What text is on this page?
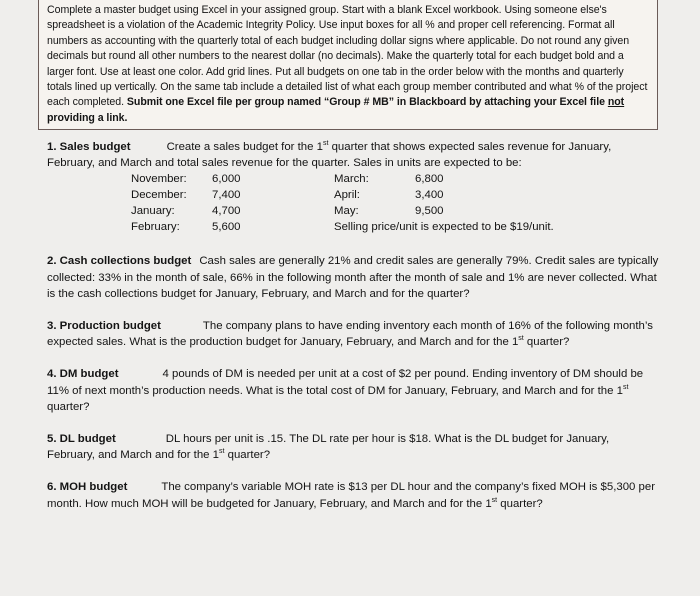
Complete a master budget using Excel in your assigned group. Start with a blank Excel workbook. Using someone else's spreadsheet is a violation of the Academic Integrity Policy. Use input boxes for all % and proper cell referencing. Format all numbers as accounting with the quarterly total of each budget including dollar signs where applicable. Do not round any given decimals but round all other numbers to the nearest dollar (no decimals). Make the quarterly total for each budget bold and a larger font. Use at least one color. Add grid lines. Put all budgets on one tab in the order below with the months and quarterly totals lined up vertically. On the same tab include a detailed list of what each group member contributed and what % of the project each completed. Submit one Excel file per group named “Group # MB” in Blackboard by attaching your Excel file not providing a link.

1. Sales budget	Create a sales budget for the 1st quarter that shows expected sales revenue for January, February, and March and total sales revenue for the quarter. Sales in units are expected to be:

November: 6,000	March:	6,800
December: 7,400	April:	3,400
January:	4,700	May:	9,500
February:	5,600	Selling price/unit is expected to be $19/unit.

2. Cash collections budget Cash sales are generally 21% and credit sales are generally 79%. Credit sales are typically collected: 33% in the month of sale, 66% in the following month after the month of sale and 1% are never collected. What is the cash collections budget for January, February, and March and for the quarter?

3. Production budget	The company plans to have ending inventory each month of 16% of the following month’s expected sales. What is the production budget for January, February, and March and for the 1st quarter?

4. DM budget	4 pounds of DM is needed per unit at a cost of $2 per pound. Ending inventory of DM should be 11% of next month’s production needs. What is the total cost of DM for January, February, and March and for the 1st quarter?

5. DL budget	DL hours per unit is .15. The DL rate per hour is $18. What is the DL budget for January, February, and March and for the 1st quarter?

6. MOH budget	The company’s variable MOH rate is $13 per DL hour and the company’s fixed MOH is $5,300 per month. How much MOH will be budgeted for January, February, and March and for the 1st quarter?
